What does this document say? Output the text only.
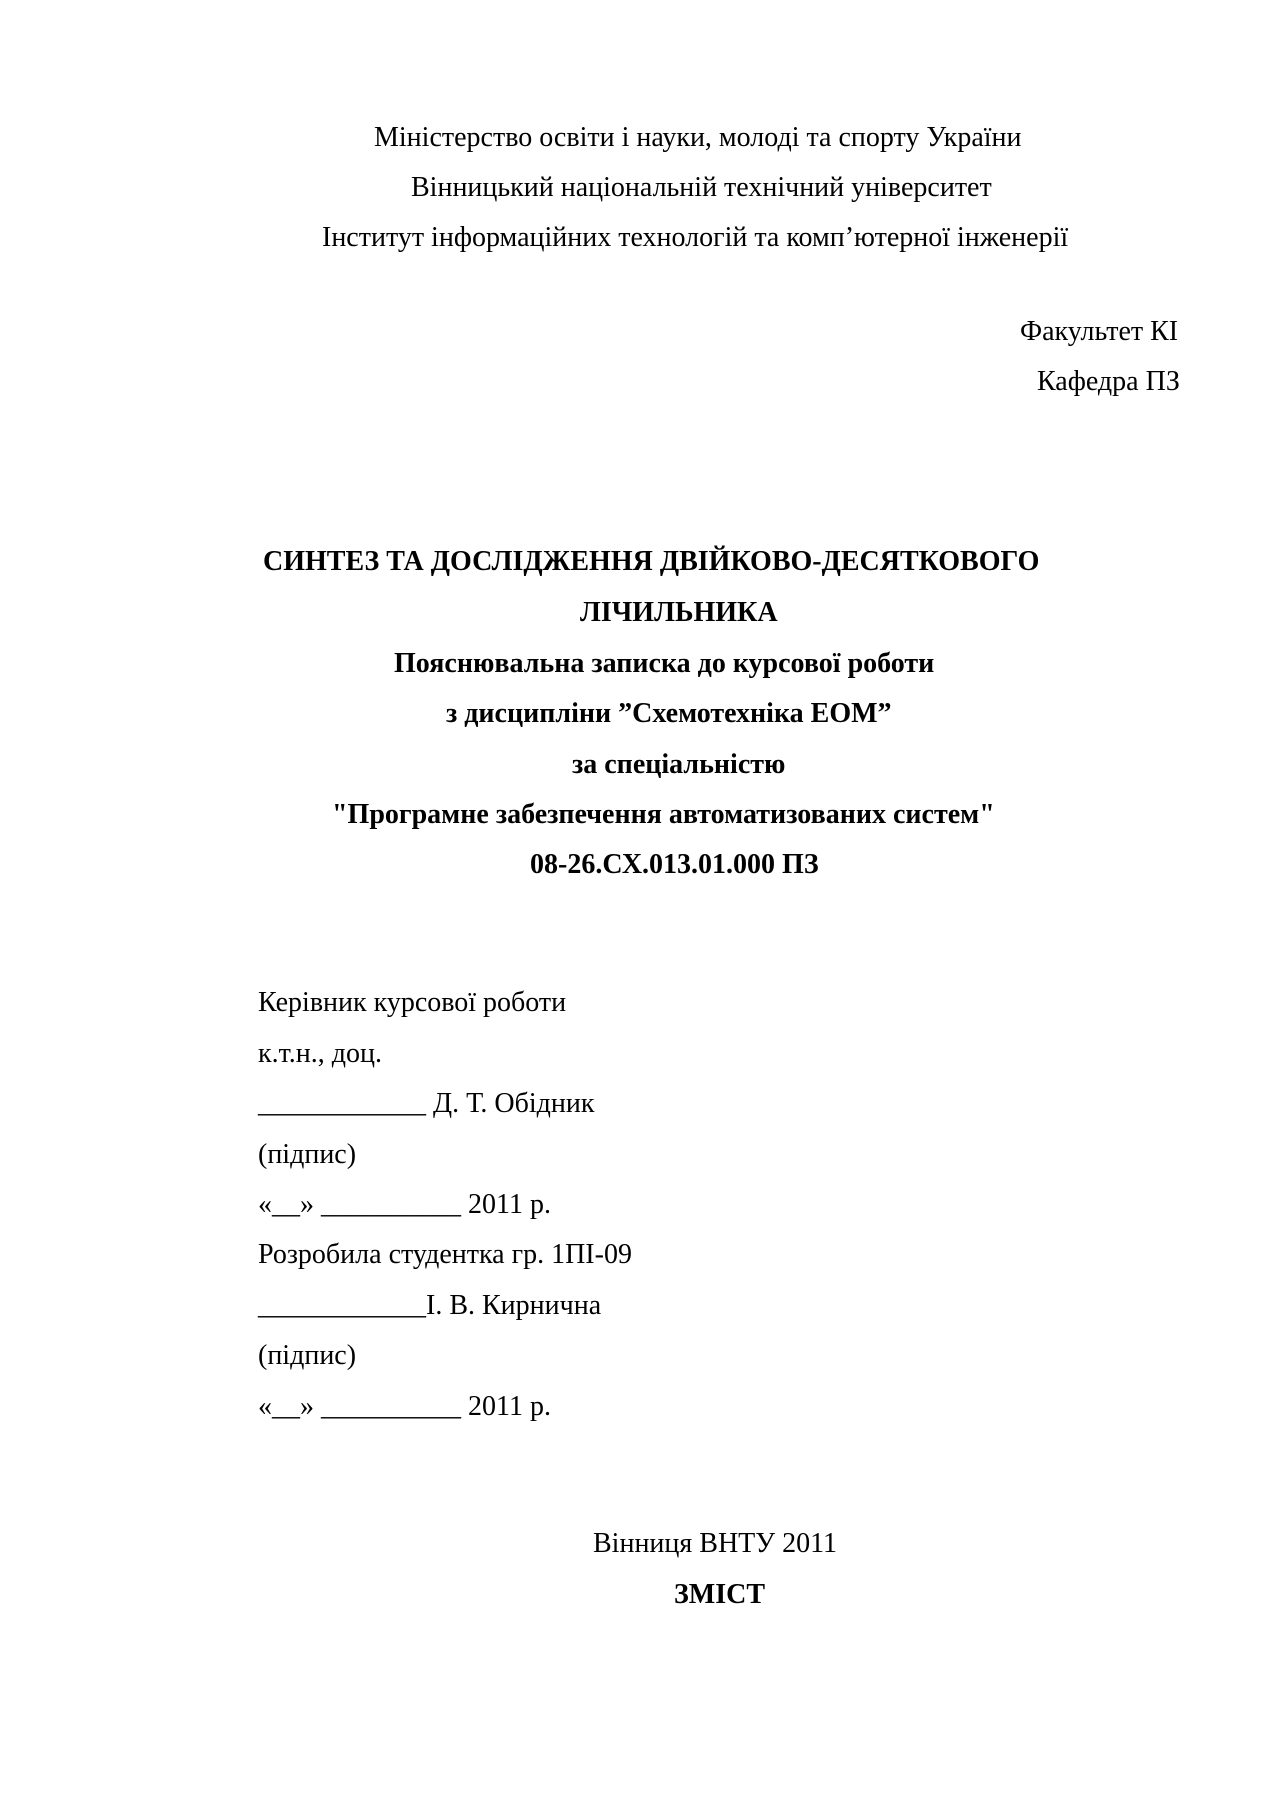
Міністерство освіти і науки, молоді та спорту України
Вінницький національній технічний університет
Інститут інформаційних технологій та комп’ютерної інженерії
Факультет КІ
Кафедра ПЗ
СИНТЕЗ ТА ДОСЛІДЖЕННЯ ДВІЙКОВО-ДЕСЯТКОВОГО
ЛІЧИЛЬНИКА
Пояснювальна записка до курсової роботи
з дисципліни ”Схемотехніка ЕОМ”
за спеціальністю
"Програмне забезпечення автоматизованих систем"
08-26.СХ.013.01.000 ПЗ
Керівник курсової роботи
к.т.н., доц.
____________ Д. Т. Обідник
(підпис)
«__» __________ 2011 р.
Розробила студентка гр. 1ПІ-09
____________І. В. Кирнична
(підпис)
«__» __________ 2011 р.
Вінниця ВНТУ 2011
ЗМІСТ
